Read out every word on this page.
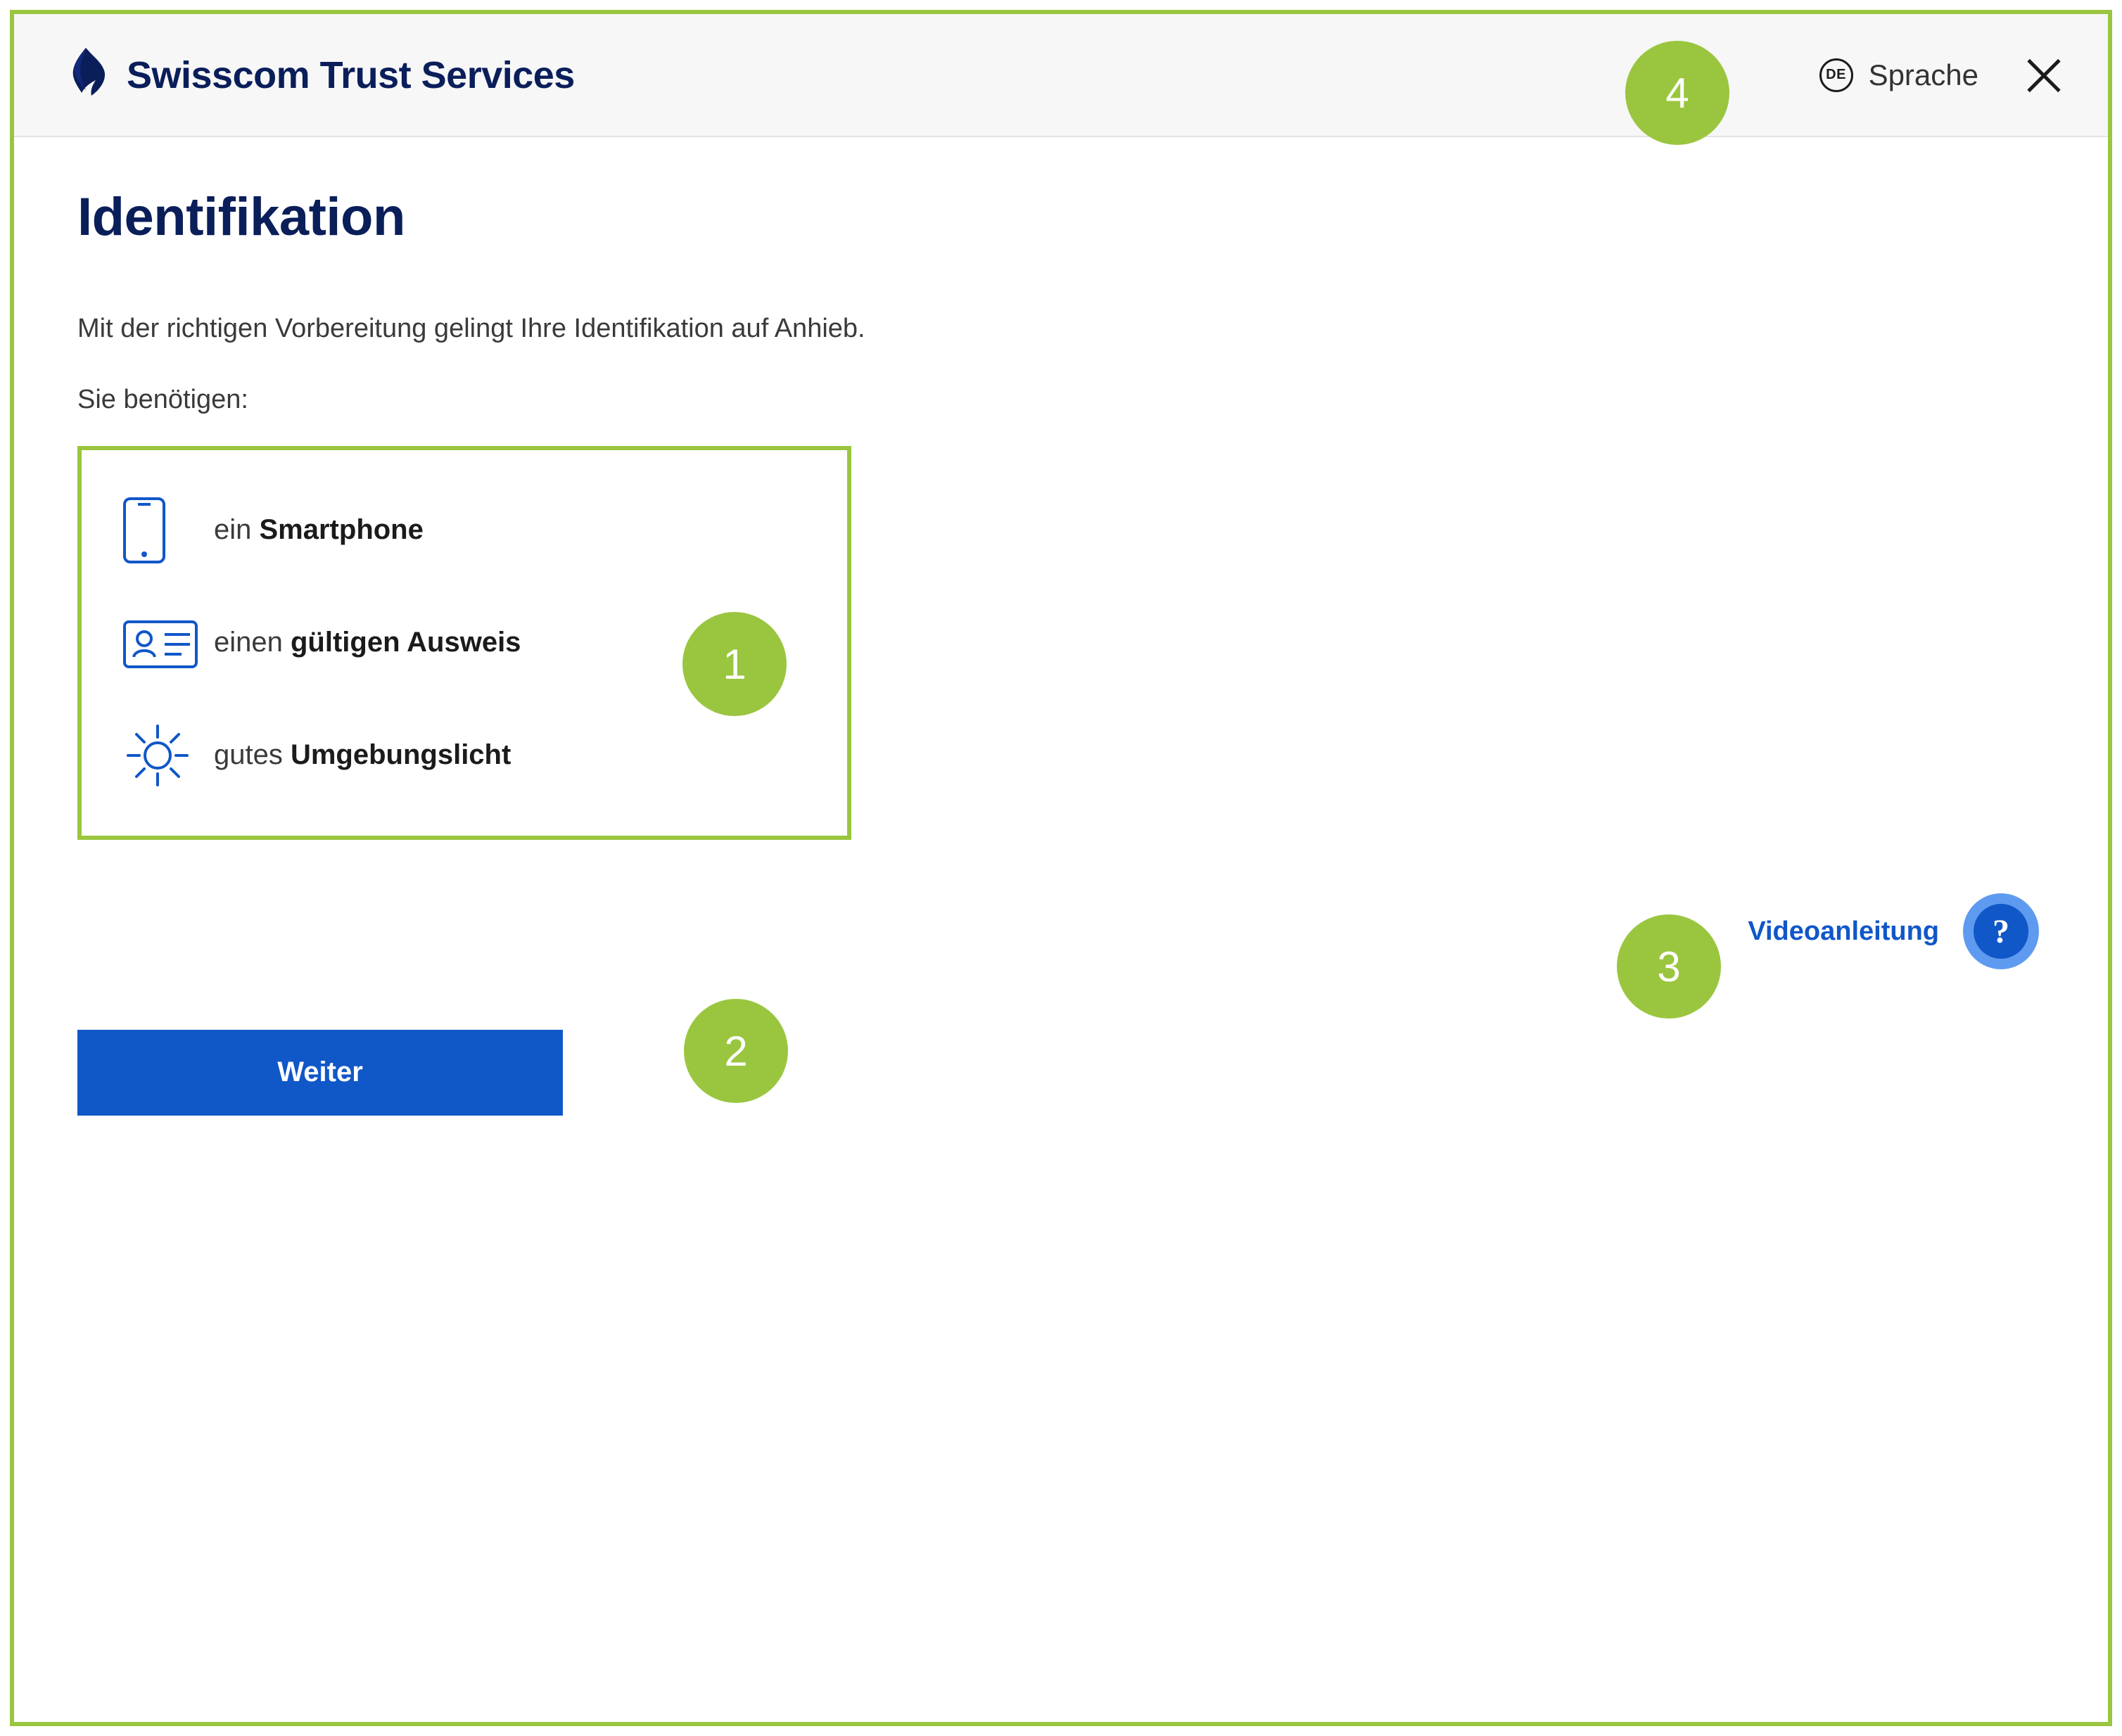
Swisscom Trust Services	DE Sprache
Identifikation
Mit der richtigen Vorbereitung gelingt Ihre Identifikation auf Anhieb.
Sie benötigen:
ein Smartphone
einen gültigen Ausweis
gutes Umgebungslicht
Weiter
Videoanleitung	?
1
2
3
4
